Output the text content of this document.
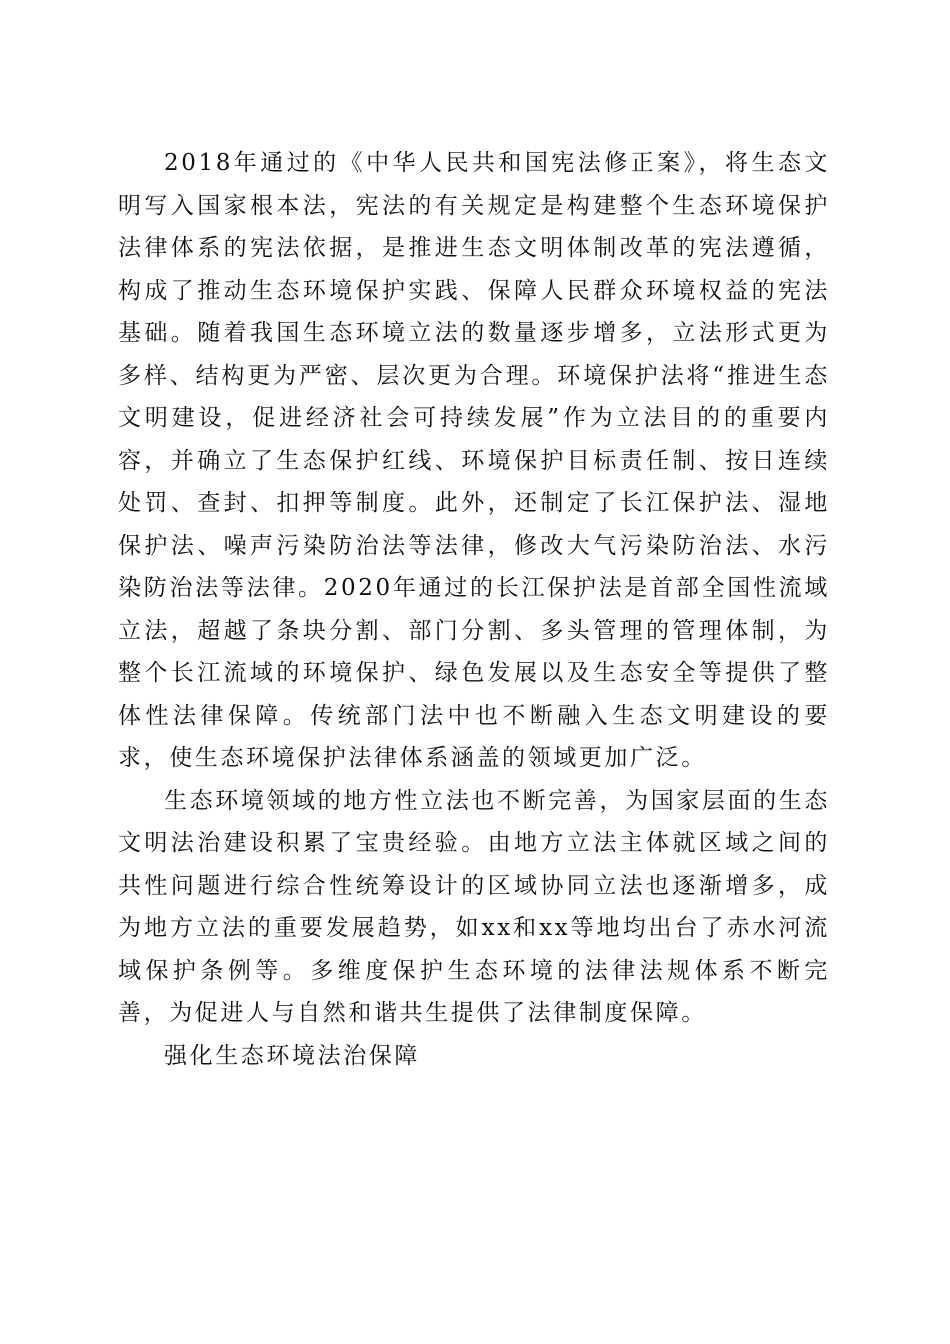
2018年通过的《中华人民共和国宪法修正案》，将生态文明写入国家根本法，宪法的有关规定是构建整个生态环境保护法律体系的宪法依据，是推进生态文明体制改革的宪法遵循，构成了推动生态环境保护实践、保障人民群众环境权益的宪法基础。随着我国生态环境立法的数量逐步增多，立法形式更为多样、结构更为严密、层次更为合理。环境保护法将“推进生态文明建设，促进经济社会可持续发展”作为立法目的的重要内容，并确立了生态保护红线、环境保护目标责任制、按日连续处罚、查封、扣押等制度。此外，还制定了长江保护法、湿地保护法、噪声污染防治法等法律，修改大气污染防治法、水污染防治法等法律。2020年通过的长江保护法是首部全国性流域立法，超越了条块分割、部门分割、多头管理的管理体制，为整个长江流域的环境保护、绿色发展以及生态安全等提供了整体性法律保障。传统部门法中也不断融入生态文明建设的要求，使生态环境保护法律体系涵盖的领域更加广泛。

生态环境领域的地方性立法也不断完善，为国家层面的生态文明法治建设积累了宝贵经验。由地方立法主体就区域之间的共性问题进行综合性统筹设计的区域协同立法也逐渐增多，成为地方立法的重要发展趋势，如xx和xx等地均出台了赤水河流域保护条例等。多维度保护生态环境的法律法规体系不断完善，为促进人与自然和谐共生提供了法律制度保障。

强化生态环境法治保障
